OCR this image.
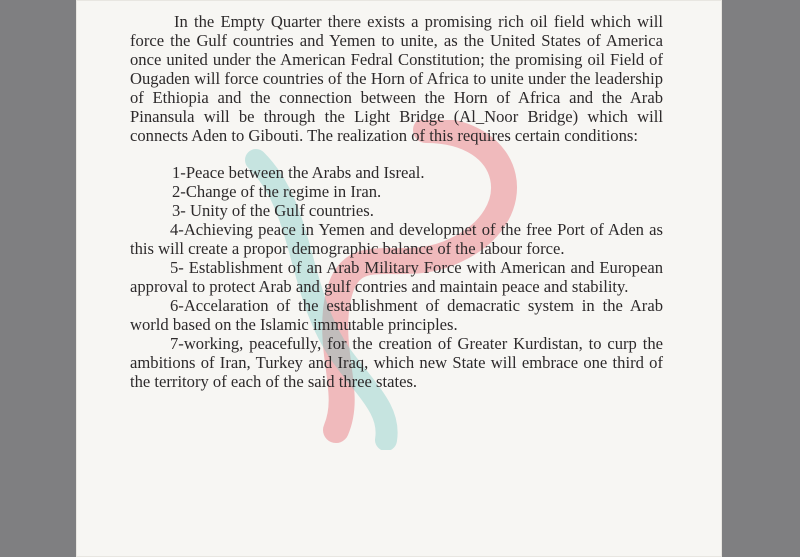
In the Empty Quarter there exists a promising rich oil field which will force the Gulf countries and Yemen to unite, as the United States of America once united under the American Fedral Constitution; the promising oil Field of Ougaden will force countries of the Horn of Africa to unite under the leadership of Ethiopia and the connection between the Horn of Africa and the Arab Pinansula will be through the Light Bridge (Al_Noor Bridge) which will connects Aden to Gibouti. The realization of this requires certain conditions:

1-Peace between the Arabs and Isreal.

2-Change of the regime in Iran.

3- Unity of the Gulf countries.

4-Achieving peace in Yemen and developmet of the free Port of Aden as this will create a propor demographic balance of the labour force.

5- Establishment of an Arab Military Force with American and European approval to protect Arab and gulf contries and maintain peace and stability.

6-Accelaration of the establishment of demacratic system in the Arab world based on the Islamic immutable principles.

7-working, peacefully, for the creation of Greater Kurdistan, to curp the ambitions of Iran, Turkey and Iraq, which new State will embrace one third of the territory of each of the said three states.
